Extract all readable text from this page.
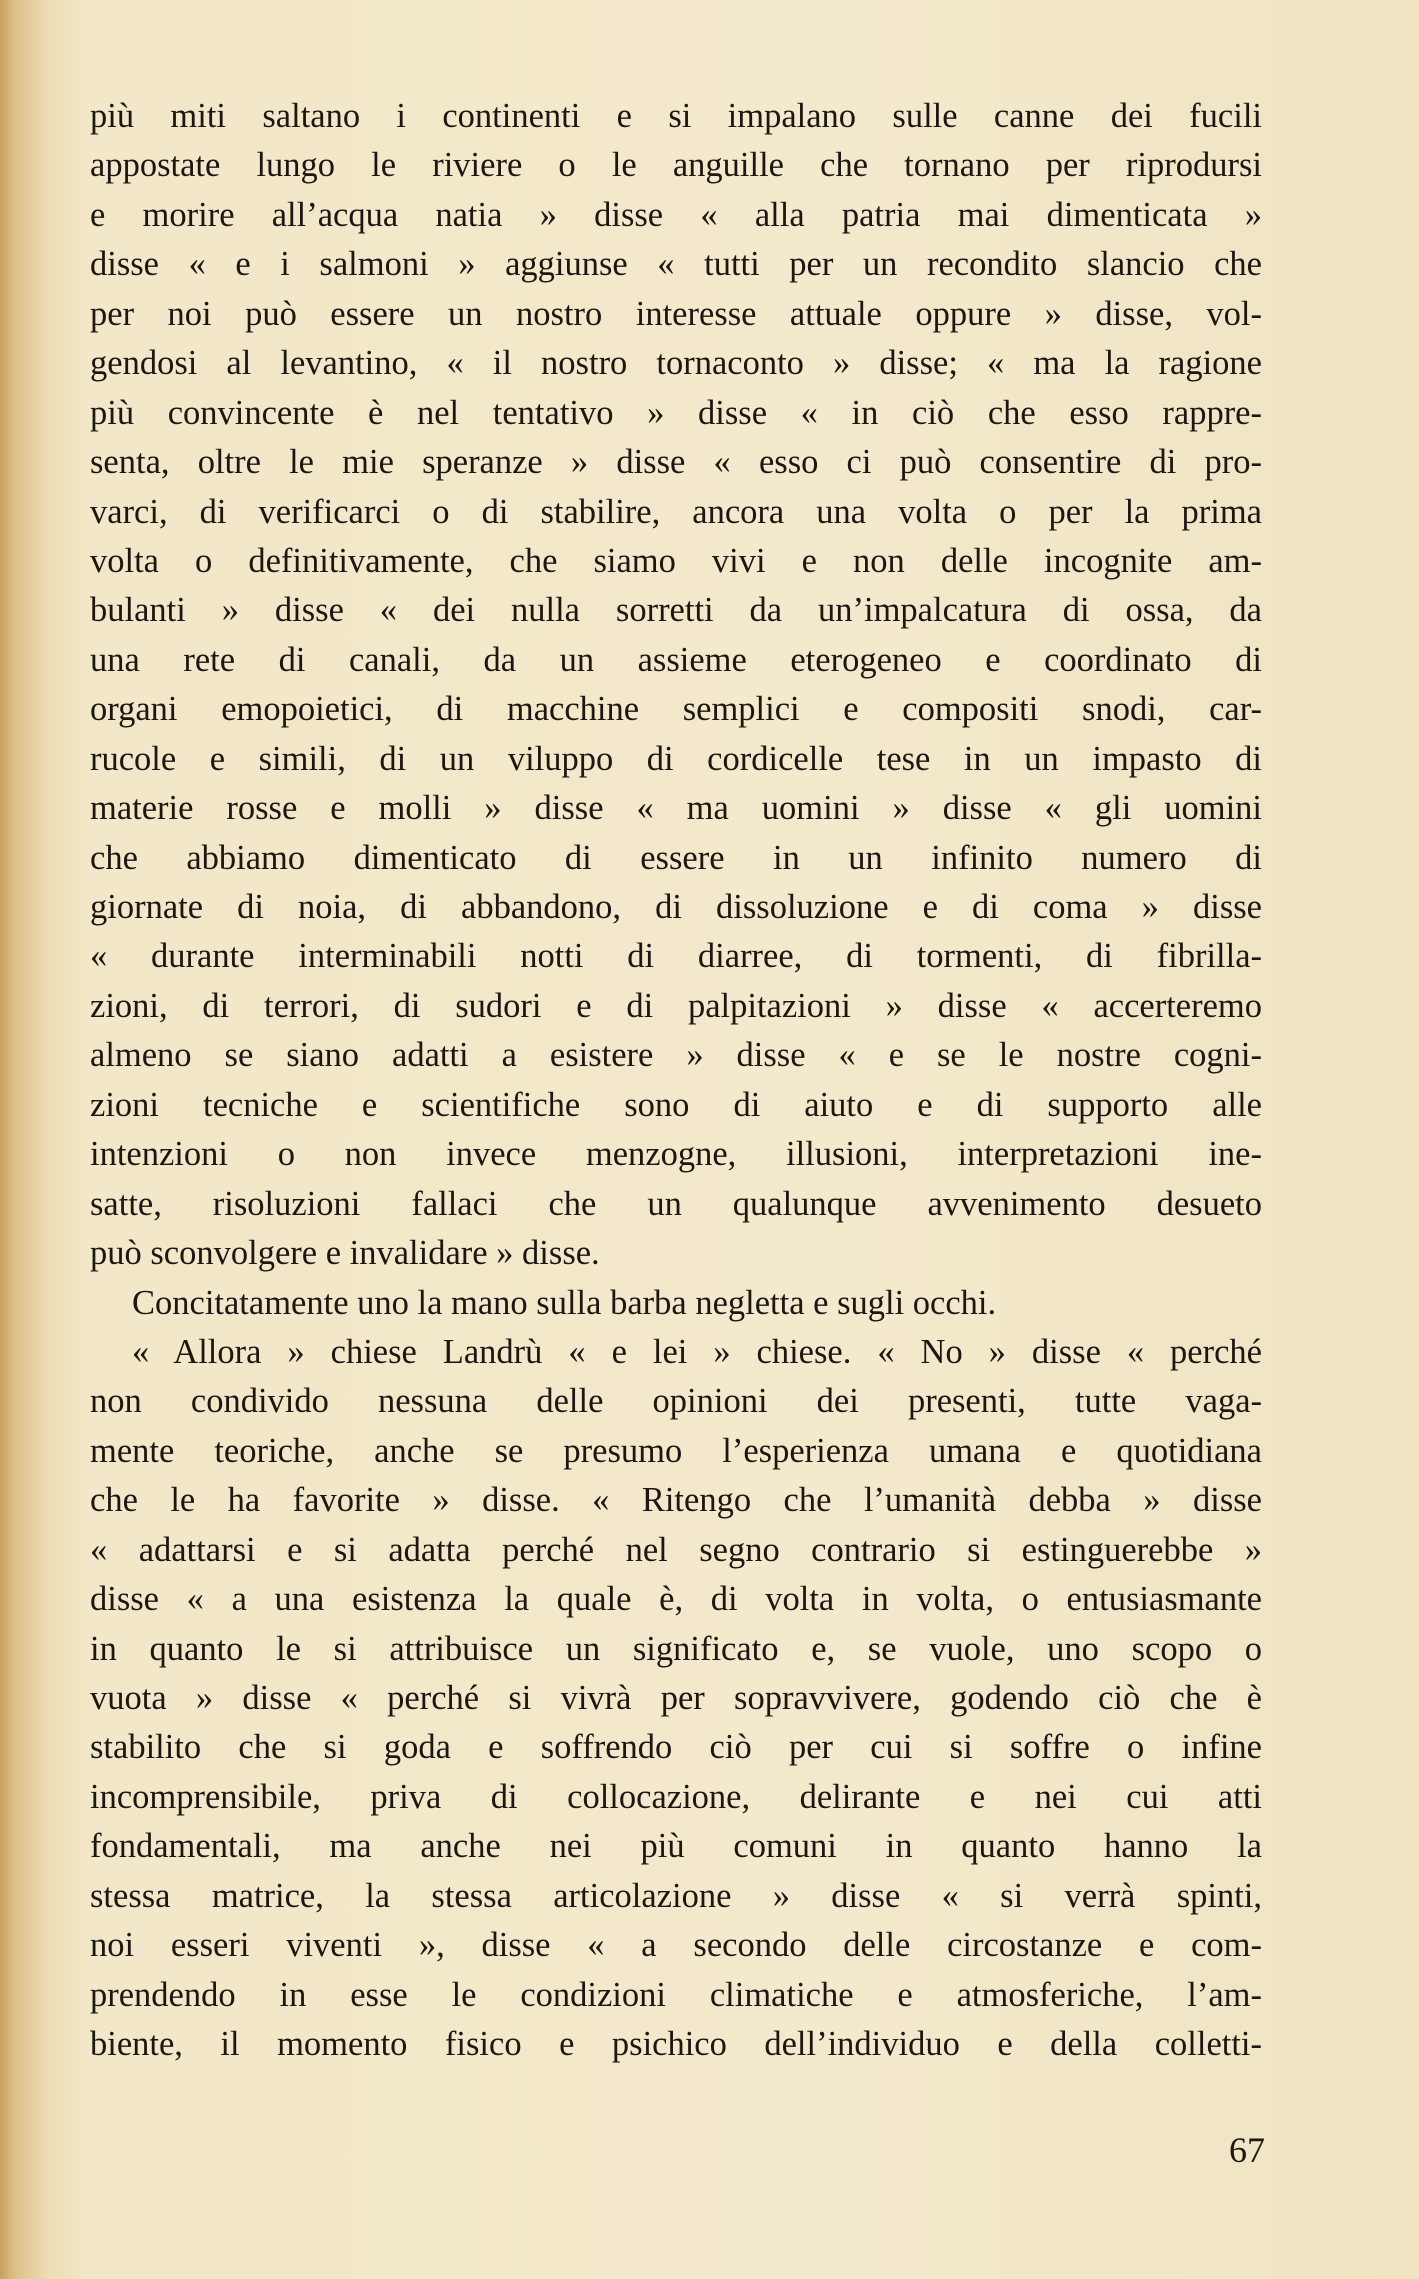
più miti saltano i continenti e si impalano sulle canne dei fucili
appostate lungo le riviere o le anguille che tornano per riprodursi
e morire all’acqua natia » disse « alla patria mai dimenticata »
disse « e i salmoni » aggiunse « tutti per un recondito slancio che
per noi può essere un nostro interesse attuale oppure » disse, vol-
gendosi al levantino, « il nostro tornaconto » disse; « ma la ragione
più convincente è nel tentativo » disse « in ciò che esso rappre-
senta, oltre le mie speranze » disse « esso ci può consentire di pro-
varci, di verificarci o di stabilire, ancora una volta o per la prima
volta o definitivamente, che siamo vivi e non delle incognite am-
bulanti » disse « dei nulla sorretti da un’impalcatura di ossa, da
una rete di canali, da un assieme eterogeneo e coordinato di
organi emopoietici, di macchine semplici e compositi snodi, car-
rucole e simili, di un viluppo di cordicelle tese in un impasto di
materie rosse e molli » disse « ma uomini » disse « gli uomini
che abbiamo dimenticato di essere in un infinito numero di
giornate di noia, di abbandono, di dissoluzione e di coma » disse
« durante interminabili notti di diarree, di tormenti, di fibrilla-
zioni, di terrori, di sudori e di palpitazioni » disse « accerteremo
almeno se siano adatti a esistere » disse « e se le nostre cogni-
zioni tecniche e scientifiche sono di aiuto e di supporto alle
intenzioni o non invece menzogne, illusioni, interpretazioni ine-
satte, risoluzioni fallaci che un qualunque avvenimento desueto
può sconvolgere e invalidare » disse.
Concitatamente uno la mano sulla barba negletta e sugli occhi.
« Allora » chiese Landrù « e lei » chiese. « No » disse « perché
non condivido nessuna delle opinioni dei presenti, tutte vaga-
mente teoriche, anche se presumo l’esperienza umana e quotidiana
che le ha favorite » disse. « Ritengo che l’umanità debba » disse
« adattarsi e si adatta perché nel segno contrario si estinguerebbe »
disse « a una esistenza la quale è, di volta in volta, o entusiasmante
in quanto le si attribuisce un significato e, se vuole, uno scopo o
vuota » disse « perché si vivrà per sopravvivere, godendo ciò che è
stabilito che si goda e soffrendo ciò per cui si soffre o infine
incomprensibile, priva di collocazione, delirante e nei cui atti
fondamentali, ma anche nei più comuni in quanto hanno la
stessa matrice, la stessa articolazione » disse « si verrà spinti,
noi esseri viventi », disse « a secondo delle circostanze e com-
prendendo in esse le condizioni climatiche e atmosferiche, l’am-
biente, il momento fisico e psichico dell’individuo e della colletti-
67
